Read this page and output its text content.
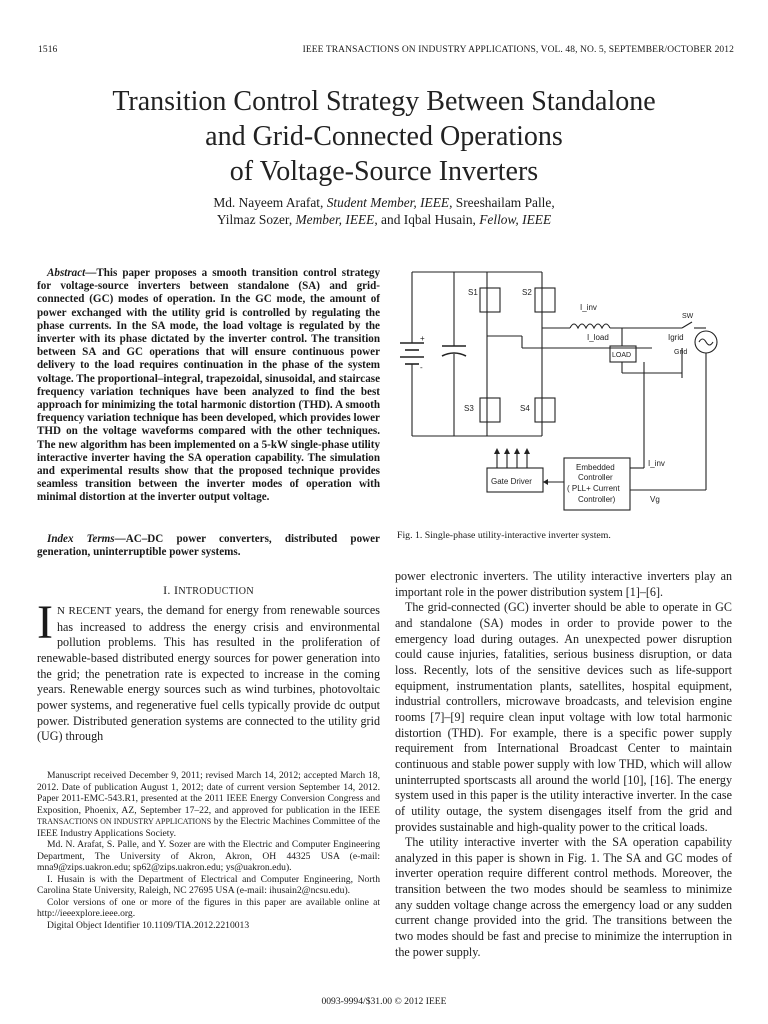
1516	IEEE TRANSACTIONS ON INDUSTRY APPLICATIONS, VOL. 48, NO. 5, SEPTEMBER/OCTOBER 2012
Transition Control Strategy Between Standalone
and Grid-Connected Operations
of Voltage-Source Inverters
Md. Nayeem Arafat, Student Member, IEEE, Sreeshailam Palle,
Yilmaz Sozer, Member, IEEE, and Iqbal Husain, Fellow, IEEE
Abstract—This paper proposes a smooth transition control strategy for voltage-source inverters between standalone (SA) and grid-connected (GC) modes of operation. In the GC mode, the amount of power exchanged with the utility grid is controlled by regulating the phase currents. In the SA mode, the load voltage is regulated by the inverter with its phase dictated by the inverter control. The transition between SA and GC operations that will ensure continuous power delivery to the load requires continuation in the phase of the system voltage. The proportional–integral, trapezoidal, sinusoidal, and staircase frequency variation techniques have been analyzed to find the best approach for minimizing the total harmonic distortion (THD). A smooth frequency variation technique has been developed, which provides lower THD on the voltage waveforms compared with the other techniques. The new algorithm has been implemented on a 5-kW single-phase utility interactive inverter having the SA operation capability. The simulation and experimental results show that the proposed technique provides seamless transition between the inverter modes of operation with minimal distortion at the inverter output voltage.
Index Terms—AC–DC power converters, distributed power generation, uninterruptible power systems.
I. INTRODUCTION
I N RECENT years, the demand for energy from renewable sources has increased to address the energy crisis and environmental pollution problems. This has resulted in the proliferation of renewable-based distributed energy sources for power generation into the grid; the penetration rate is expected to increase in the coming years. Renewable energy sources such as wind turbines, photovoltaic power systems, and regenerative fuel cells typically provide dc output power. Distributed generation systems are connected to the utility grid (UG) through

Manuscript received December 9, 2011; revised March 14, 2012; accepted March 18, 2012. Date of publication August 1, 2012; date of current version September 14, 2012. Paper 2011-EMC-543.R1, presented at the 2011 IEEE Energy Conversion Congress and Exposition, Phoenix, AZ, September 17–22, and approved for publication in the IEEE TRANSACTIONS ON INDUSTRY APPLICATIONS by the Electric Machines Committee of the IEEE Industry Applications Society.

Md. N. Arafat, S. Palle, and Y. Sozer are with the Electric and Computer Engineering Department, The University of Akron, Akron, OH 44325 USA (e-mail: mna9@zips.uakron.edu; sp62@zips.uakron.edu; ys@uakron.edu).

I. Husain is with the Department of Electrical and Computer Engineering, North Carolina State University, Raleigh, NC 27695 USA (e-mail: ihusain2@ncsu.edu).

Color versions of one or more of the figures in this paper are available online at http://ieeexplore.ieee.org.

Digital Object Identifier 10.1109/TIA.2012.2210013

S1	S2
S3	S4
I_inv
I_load
LOAD
SW
Igrid
Grid
+
-
Gate Driver
Embedded
Controller
( PLL+ Current
Controller)
I_inv
Vg
Fig. 1. Single-phase utility-interactive inverter system.

power electronic inverters. The utility interactive inverters play an important role in the power distribution system [1]–[6].

The grid-connected (GC) inverter should be able to operate in GC and standalone (SA) modes in order to provide power to the emergency load during outages. An unexpected power disruption could cause injuries, fatalities, serious business disruption, or data loss. Recently, lots of the sensitive devices such as life-support equipment, instrumentation plants, satellites, hospital equipment, industrial controllers, microwave broadcasts, and television engine rooms [7]–[9] require clean input voltage with low total harmonic distortion (THD). For example, there is a specific power supply requirement from International Broadcast Center to maintain continuous and stable power supply with low THD, which will allow uninterrupted sportscasts all around the world [10], [16]. The energy system used in this paper is the utility interactive inverter. In the case of utility outage, the system disengages itself from the grid and provides sustainable and high-quality power to the critical loads.

The utility interactive inverter with the SA operation capability analyzed in this paper is shown in Fig. 1. The SA and GC modes of inverter operation require different control methods. Moreover, the transition between the two modes should be seamless to minimize any sudden voltage change across the emergency load or any sudden current change provided into the grid. The transitions between the two modes should be fast and precise to minimize the interruption in the power supply.

0093-9994/$31.00 © 2012 IEEE
